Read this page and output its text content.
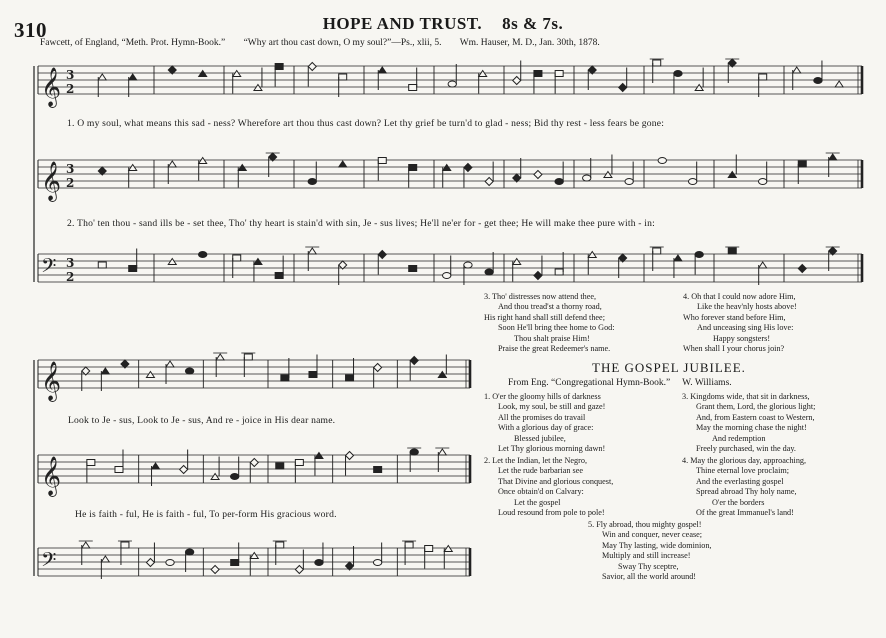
310	HOPE AND TRUST. 8s & 7s.
Fawcett, of England, “Meth. Prot. Hymn-Book.” “Why art thou cast down, O my soul?”—Ps., xlii, 5. Wm. Hauser, M. D., Jan. 30th, 1878.
𝄞 3
2
𝄞 3
2
𝄢 3
2
𝄞
𝄞
𝄢
1. O my soul, what means this sad - ness? Wherefore art thou thus cast down? Let thy grief be turn'd to glad - ness; Bid thy rest - less fears be gone:
2. Tho' ten thou - sand ills be - set thee, Tho' thy heart is stain'd with sin, Je - sus lives; He'll ne'er for - get thee; He will make thee pure with - in:
Look to Je - sus, Look to Je - sus, And re - joice in His dear name.
He is faith - ful, He is faith - ful, To per-form His gracious word.
3. Tho' distresses now attend thee,
And thou tread'st a thorny road,
His right hand shall still defend thee;
Soon He'll bring thee home to God:
Thou shalt praise Him!
Praise the great Redeemer's name.
4. Oh that I could now adore Him,
Like the heav'nly hosts above!
Who forever stand before Him,
And unceasing sing His love:
Happy songsters!
When shall I your chorus join?
THE GOSPEL JUBILEE.
From Eng. “Congregational Hymn-Book.” W. Williams.
1. O'er the gloomy hills of darkness
Look, my soul, be still and gaze!
All the promises do travail
With a glorious day of grace:
Blessed jubilee,
Let Thy glorious morning dawn!
2. Let the Indian, let the Negro,
Let the rude barbarian see
That Divine and glorious conquest,
Once obtain'd on Calvary:
Let the gospel
Loud resound from pole to pole!
3. Kingdoms wide, that sit in darkness,
Grant them, Lord, the glorious light;
And, from Eastern coast to Western,
May the morning chase the night!
And redemption
Freely purchased, win the day.
4. May the glorious day, approaching,
Thine eternal love proclaim;
And the everlasting gospel
Spread abroad Thy holy name,
O'er the borders
Of the great Immanuel's land!
5. Fly abroad, thou mighty gospel!
Win and conquer, never cease;
May Thy lasting, wide dominion,
Multiply and still increase!
Sway Thy sceptre,
Savior, all the world around!
